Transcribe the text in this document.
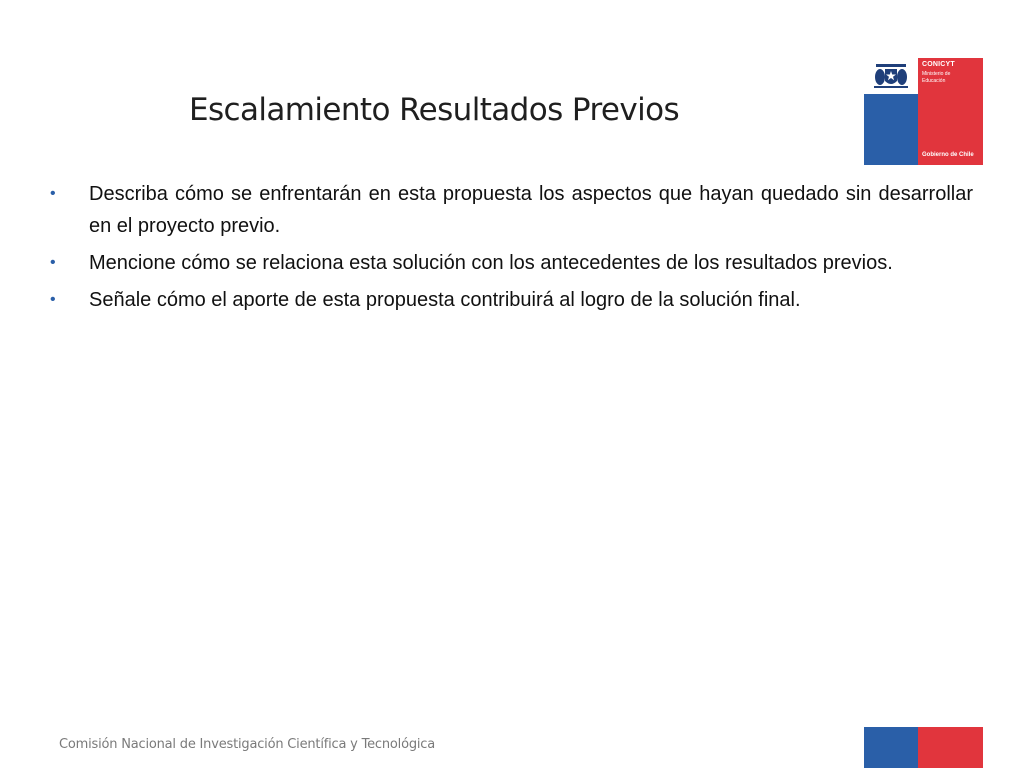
CONICYT
Ministerio de
Educación
Gobierno de Chile
Escalamiento Resultados Previos
• Describa cómo se enfrentarán en esta propuesta los aspectos que hayan quedado sin desarrollar en el proyecto previo.
• Mencione cómo se relaciona esta solución con los antecedentes de los resultados previos.
• Señale cómo el aporte de esta propuesta contribuirá al logro de la solución final.
Comisión Nacional de Investigación Científica y Tecnológica
